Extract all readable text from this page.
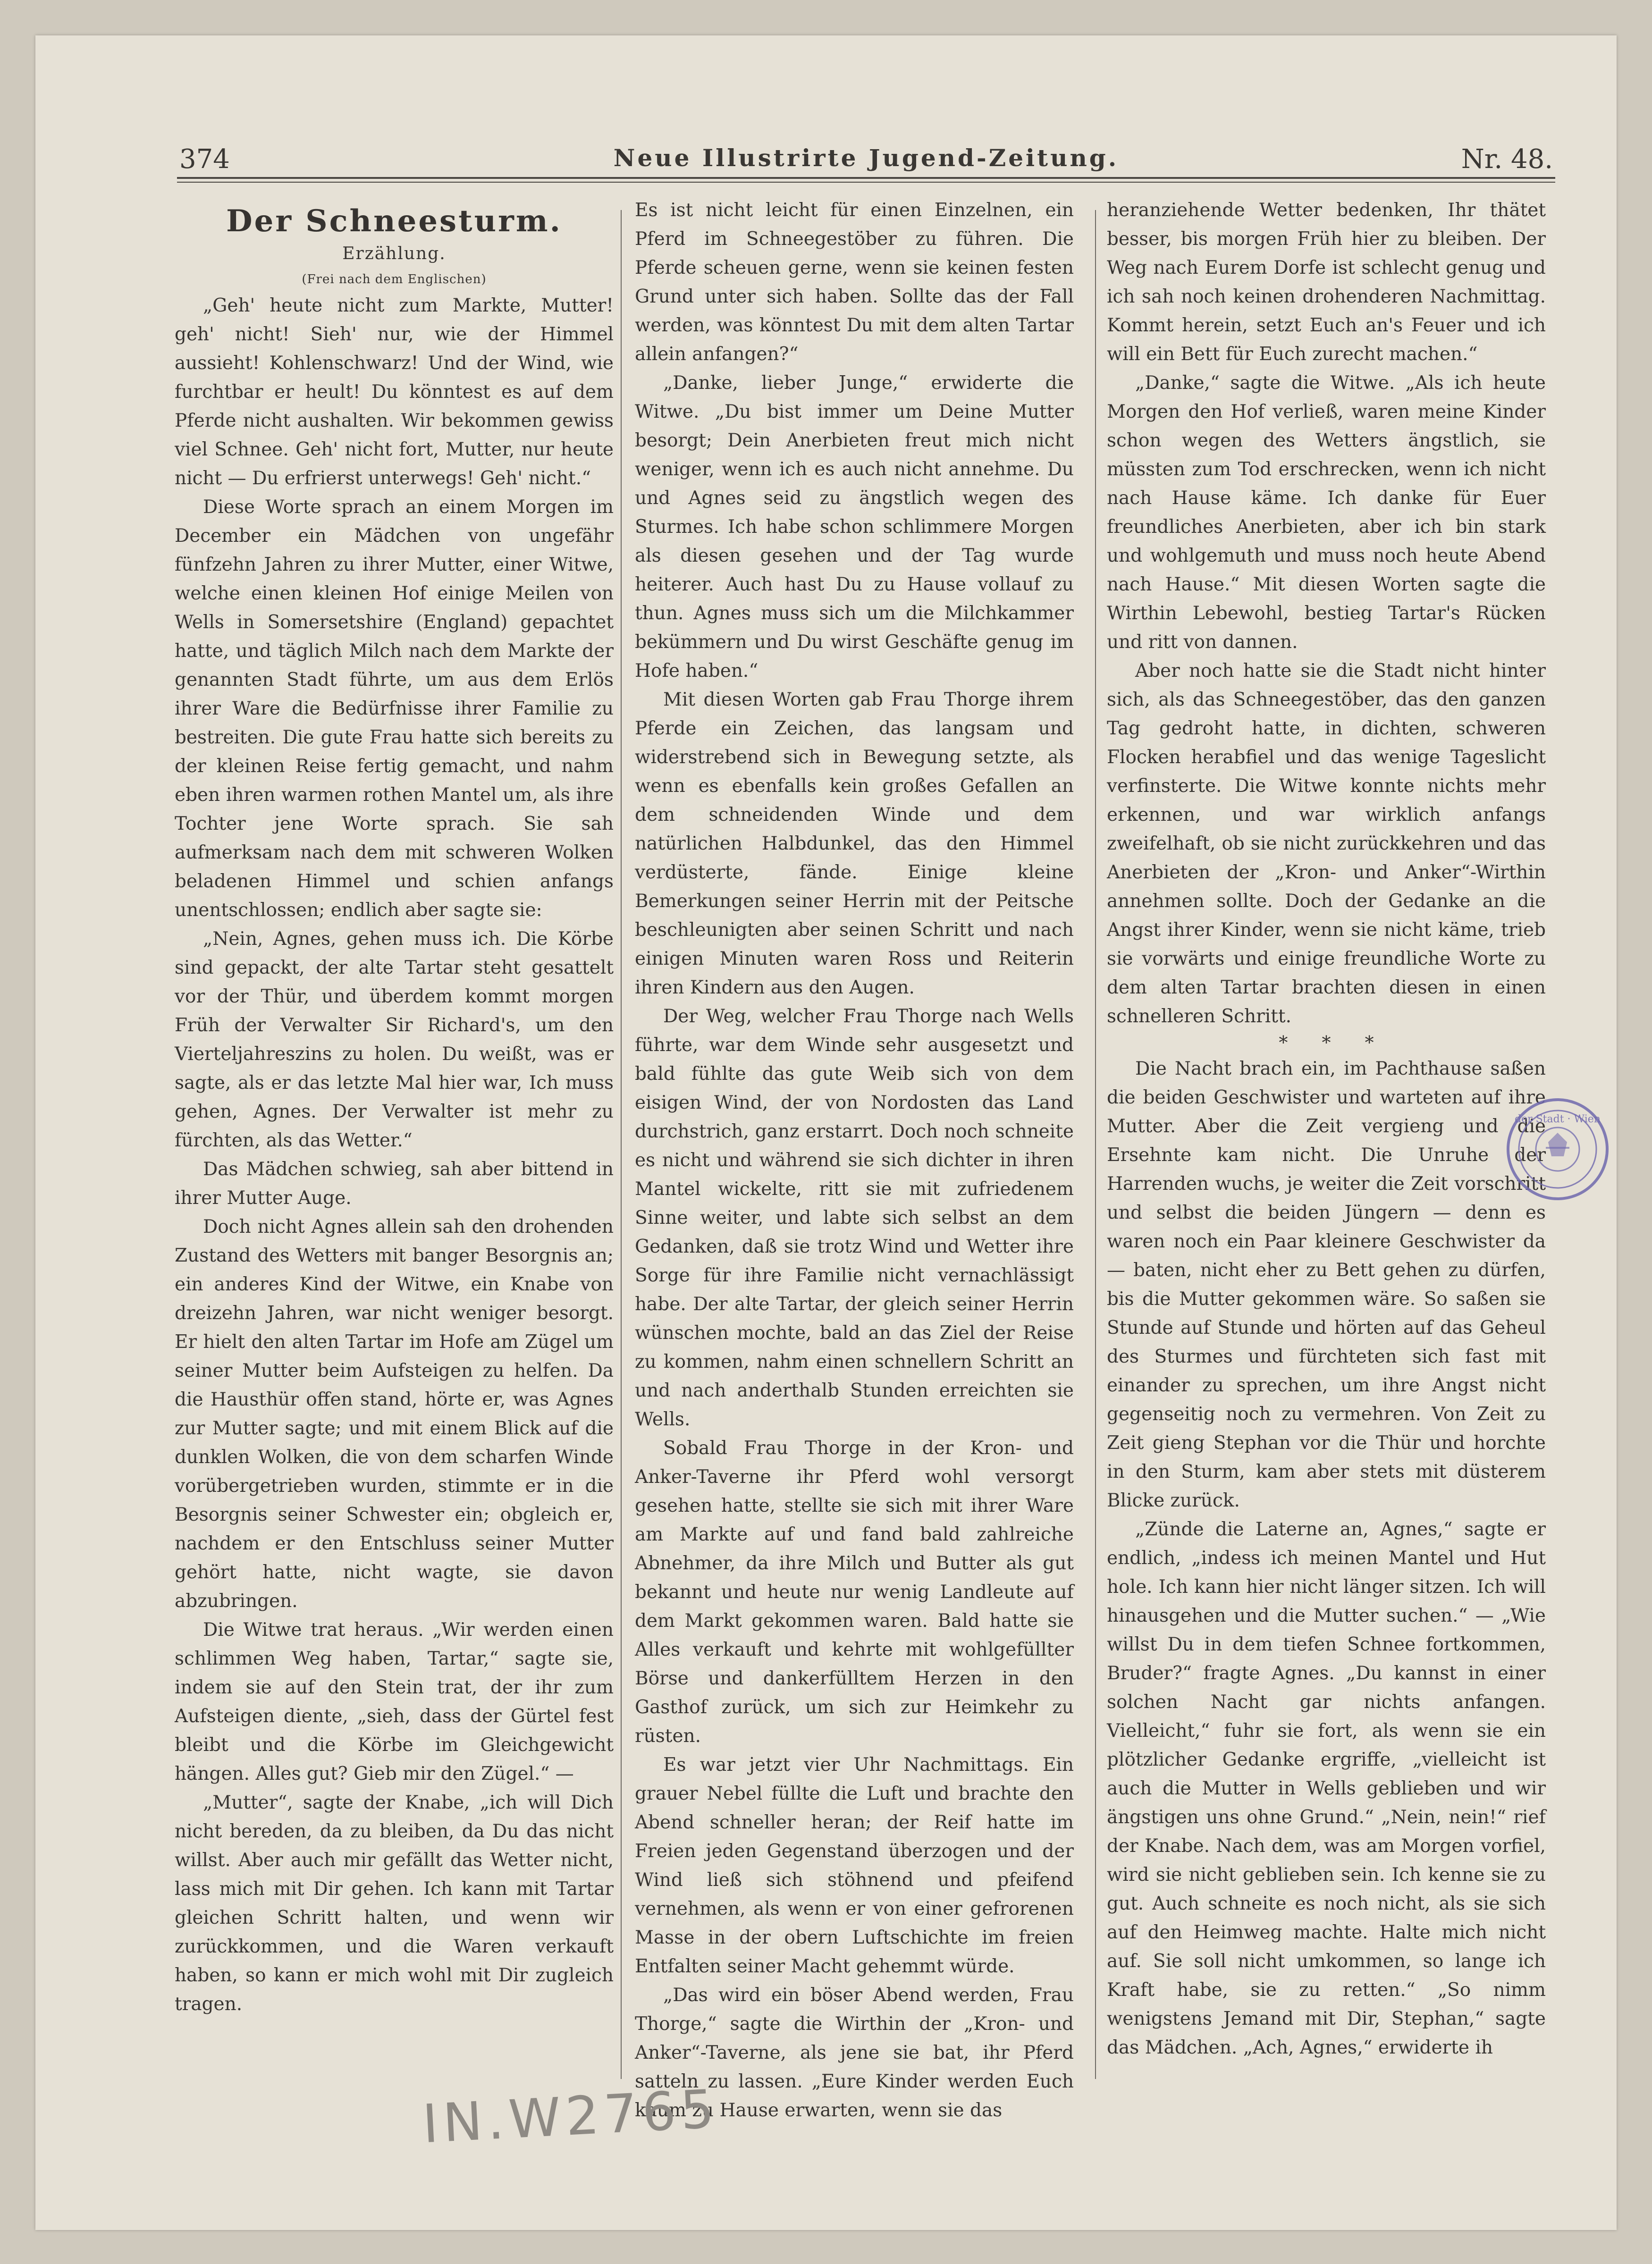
374	Neue Illustrirte Jugend-Zeitung.	Nr. 48.
Der Schneesturm.
Erzählung.
(Frei nach dem Englischen)

„Geh' heute nicht zum Markte, Mutter! geh' nicht! Sieh' nur, wie der Himmel aussieht! Kohlenschwarz! Und der Wind, wie furchtbar er heult! Du könntest es auf dem Pferde nicht aushalten. Wir bekommen gewiss viel Schnee. Geh' nicht fort, Mutter, nur heute nicht — Du erfrierst unterwegs! Geh' nicht.“

Diese Worte sprach an einem Morgen im December ein Mädchen von ungefähr fünfzehn Jahren zu ihrer Mutter, einer Witwe, welche einen kleinen Hof einige Meilen von Wells in Somersetshire (England) gepachtet hatte, und täglich Milch nach dem Markte der genannten Stadt führte, um aus dem Erlös ihrer Ware die Bedürfnisse ihrer Familie zu bestreiten. Die gute Frau hatte sich bereits zu der kleinen Reise fertig gemacht, und nahm eben ihren warmen rothen Mantel um, als ihre Tochter jene Worte sprach. Sie sah aufmerksam nach dem mit schweren Wolken beladenen Himmel und schien anfangs unentschlossen; endlich aber sagte sie:

„Nein, Agnes, gehen muss ich. Die Körbe sind gepackt, der alte Tartar steht gesattelt vor der Thür, und überdem kommt morgen Früh der Verwalter Sir Richard's, um den Vierteljahreszins zu holen. Du weißt, was er sagte, als er das letzte Mal hier war, Ich muss gehen, Agnes. Der Verwalter ist mehr zu fürchten, als das Wetter.“

Das Mädchen schwieg, sah aber bittend in ihrer Mutter Auge.

Doch nicht Agnes allein sah den drohenden Zustand des Wetters mit banger Besorgnis an; ein anderes Kind der Witwe, ein Knabe von dreizehn Jahren, war nicht weniger besorgt. Er hielt den alten Tartar im Hofe am Zügel um seiner Mutter beim Aufsteigen zu helfen. Da die Hausthür offen stand, hörte er, was Agnes zur Mutter sagte; und mit einem Blick auf die dunklen Wolken, die von dem scharfen Winde vorübergetrieben wurden, stimmte er in die Besorgnis seiner Schwester ein; obgleich er, nachdem er den Entschluss seiner Mutter gehört hatte, nicht wagte, sie davon abzubringen.

Die Witwe trat heraus. „Wir werden einen schlimmen Weg haben, Tartar,“ sagte sie, indem sie auf den Stein trat, der ihr zum Aufsteigen diente, „sieh, dass der Gürtel fest bleibt und die Körbe im Gleichgewicht hängen. Alles gut? Gieb mir den Zügel.“ —

„Mutter“, sagte der Knabe, „ich will Dich nicht bereden, da zu bleiben, da Du das nicht willst. Aber auch mir gefällt das Wetter nicht, lass mich mit Dir gehen. Ich kann mit Tartar gleichen Schritt halten, und wenn wir zurückkommen, und die Waren verkauft haben, so kann er mich wohl mit Dir zugleich tragen.

Es ist nicht leicht für einen Einzelnen, ein Pferd im Schneegestöber zu führen. Die Pferde scheuen gerne, wenn sie keinen festen Grund unter sich haben. Sollte das der Fall werden, was könntest Du mit dem alten Tartar allein anfangen?“

„Danke, lieber Junge,“ erwiderte die Witwe. „Du bist immer um Deine Mutter besorgt; Dein Anerbieten freut mich nicht weniger, wenn ich es auch nicht annehme. Du und Agnes seid zu ängstlich wegen des Sturmes. Ich habe schon schlimmere Morgen als diesen gesehen und der Tag wurde heiterer. Auch hast Du zu Hause vollauf zu thun. Agnes muss sich um die Milchkammer bekümmern und Du wirst Geschäfte genug im Hofe haben.“

Mit diesen Worten gab Frau Thorge ihrem Pferde ein Zeichen, das langsam und widerstrebend sich in Bewegung setzte, als wenn es ebenfalls kein großes Gefallen an dem schneidenden Winde und dem natürlichen Halbdunkel, das den Himmel verdüsterte, fände. Einige kleine Bemerkungen seiner Herrin mit der Peitsche beschleunigten aber seinen Schritt und nach einigen Minuten waren Ross und Reiterin ihren Kindern aus den Augen.

Der Weg, welcher Frau Thorge nach Wells führte, war dem Winde sehr ausgesetzt und bald fühlte das gute Weib sich von dem eisigen Wind, der von Nordosten das Land durchstrich, ganz erstarrt. Doch noch schneite es nicht und während sie sich dichter in ihren Mantel wickelte, ritt sie mit zufriedenem Sinne weiter, und labte sich selbst an dem Gedanken, daß sie trotz Wind und Wetter ihre Sorge für ihre Familie nicht vernachlässigt habe. Der alte Tartar, der gleich seiner Herrin wünschen mochte, bald an das Ziel der Reise zu kommen, nahm einen schnellern Schritt an und nach anderthalb Stunden erreichten sie Wells.

Sobald Frau Thorge in der Kron- und Anker-Taverne ihr Pferd wohl versorgt gesehen hatte, stellte sie sich mit ihrer Ware am Markte auf und fand bald zahlreiche Abnehmer, da ihre Milch und Butter als gut bekannt und heute nur wenig Landleute auf dem Markt gekommen waren. Bald hatte sie Alles verkauft und kehrte mit wohlgefüllter Börse und dankerfülltem Herzen in den Gasthof zurück, um sich zur Heimkehr zu rüsten.

Es war jetzt vier Uhr Nachmittags. Ein grauer Nebel füllte die Luft und brachte den Abend schneller heran; der Reif hatte im Freien jeden Gegenstand überzogen und der Wind ließ sich stöhnend und pfeifend vernehmen, als wenn er von einer gefrorenen Masse in der obern Luftschichte im freien Entfalten seiner Macht gehemmt würde.

„Das wird ein böser Abend werden, Frau Thorge,“ sagte die Wirthin der „Kron- und Anker“-Taverne, als jene sie bat, ihr Pferd satteln zu lassen. „Eure Kinder werden Euch kaum zu Hause erwarten, wenn sie das

heranziehende Wetter bedenken, Ihr thätet besser, bis morgen Früh hier zu bleiben. Der Weg nach Eurem Dorfe ist schlecht genug und ich sah noch keinen drohenderen Nachmittag. Kommt herein, setzt Euch an's Feuer und ich will ein Bett für Euch zurecht machen.“

„Danke,“ sagte die Witwe. „Als ich heute Morgen den Hof verließ, waren meine Kinder schon wegen des Wetters ängstlich, sie müssten zum Tod erschrecken, wenn ich nicht nach Hause käme. Ich danke für Euer freundliches Anerbieten, aber ich bin stark und wohlgemuth und muss noch heute Abend nach Hause.“ Mit diesen Worten sagte die Wirthin Lebewohl, bestieg Tartar's Rücken und ritt von dannen.

Aber noch hatte sie die Stadt nicht hinter sich, als das Schneegestöber, das den ganzen Tag gedroht hatte, in dichten, schweren Flocken herabfiel und das wenige Tageslicht verfinsterte. Die Witwe konnte nichts mehr erkennen, und war wirklich anfangs zweifelhaft, ob sie nicht zurückkehren und das Anerbieten der „Kron- und Anker“-Wirthin annehmen sollte. Doch der Gedanke an die Angst ihrer Kinder, wenn sie nicht käme, trieb sie vorwärts und einige freundliche Worte zu dem alten Tartar brachten diesen in einen schnelleren Schritt.

* * *

Die Nacht brach ein, im Pachthause saßen die beiden Geschwister und warteten auf ihre Mutter. Aber die Zeit vergieng und die Ersehnte kam nicht. Die Unruhe der Harrenden wuchs, je weiter die Zeit vorschritt und selbst die beiden Jüngern — denn es waren noch ein Paar kleinere Geschwister da — baten, nicht eher zu Bett gehen zu dürfen, bis die Mutter gekommen wäre. So saßen sie Stunde auf Stunde und hörten auf das Geheul des Sturmes und fürchteten sich fast mit einander zu sprechen, um ihre Angst nicht gegenseitig noch zu vermehren. Von Zeit zu Zeit gieng Stephan vor die Thür und horchte in den Sturm, kam aber stets mit düsterem Blicke zurück.

„Zünde die Laterne an, Agnes,“ sagte er endlich, „indess ich meinen Mantel und Hut hole. Ich kann hier nicht länger sitzen. Ich will hinausgehen und die Mutter suchen.“ — „Wie willst Du in dem tiefen Schnee fortkommen, Bruder?“ fragte Agnes. „Du kannst in einer solchen Nacht gar nichts anfangen. Vielleicht,“ fuhr sie fort, als wenn sie ein plötzlicher Gedanke ergriffe, „vielleicht ist auch die Mutter in Wells geblieben und wir ängstigen uns ohne Grund.“ „Nein, nein!“ rief der Knabe. Nach dem, was am Morgen vorfiel, wird sie nicht geblieben sein. Ich kenne sie zu gut. Auch schneite es noch nicht, als sie sich auf den Heimweg machte. Halte mich nicht auf. Sie soll nicht umkommen, so lange ich Kraft habe, sie zu retten.“ „So nimm wenigstens Jemand mit Dir, Stephan,“ sagte das Mädchen. „Ach, Agnes,“ erwiderte ih

der Stadt · Wien
IN.W2765
